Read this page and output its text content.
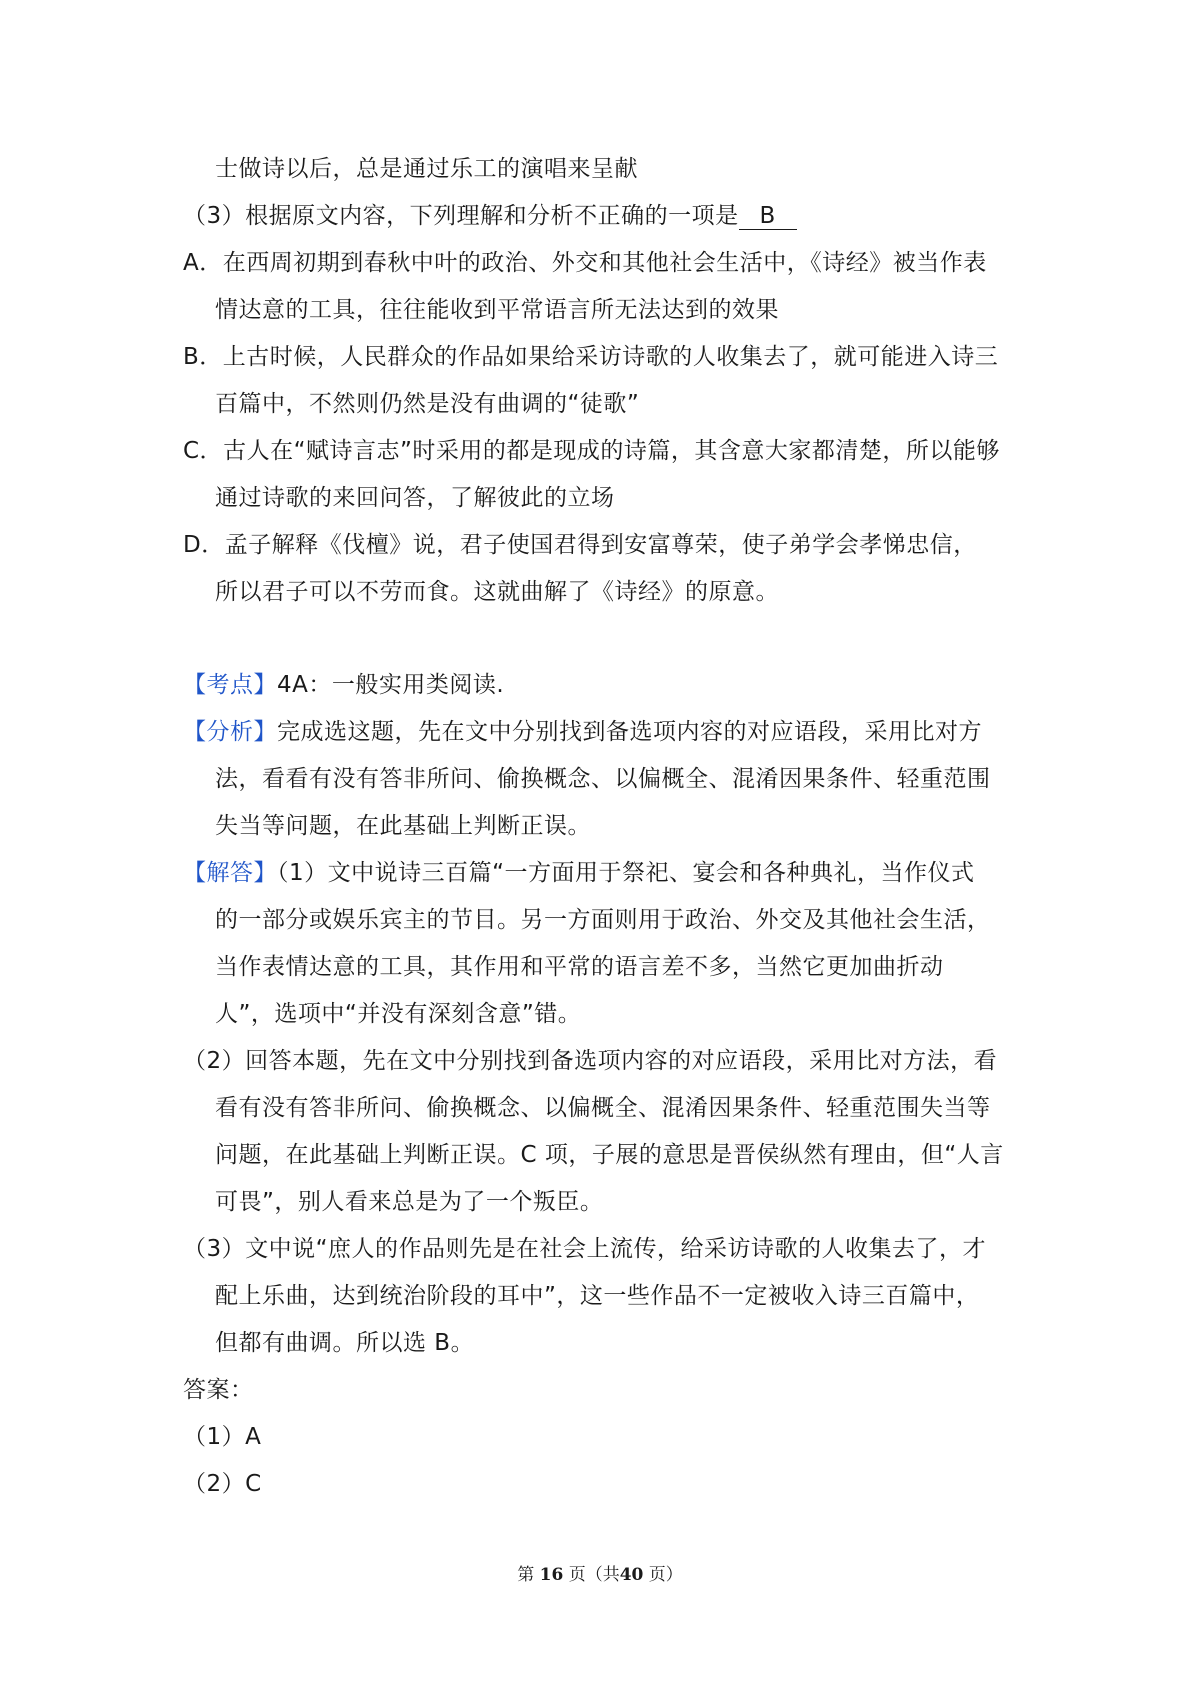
士做诗以后，总是通过乐工的演唱来呈献
（3）根据原文内容，下列理解和分析不正确的一项是 B
A．在西周初期到春秋中叶的政治、外交和其他社会生活中，《诗经》被当作表
情达意的工具，往往能收到平常语言所无法达到的效果
B．上古时候，人民群众的作品如果给采访诗歌的人收集去了，就可能进入诗三
百篇中，不然则仍然是没有曲调的“徒歌”
C．古人在“赋诗言志”时采用的都是现成的诗篇，其含意大家都清楚，所以能够
通过诗歌的来回问答，了解彼此的立场
D．孟子解释《伐檀》说，君子使国君得到安富尊荣，使子弟学会孝悌忠信，
所以君子可以不劳而食。这就曲解了《诗经》的原意。
【考点】4A：一般实用类阅读.
【分析】完成选这题，先在文中分别找到备选项内容的对应语段，采用比对方
法，看看有没有答非所问、偷换概念、以偏概全、混淆因果条件、轻重范围
失当等问题，在此基础上判断正误。
【解答】（1）文中说诗三百篇“一方面用于祭祀、宴会和各种典礼，当作仪式
的一部分或娱乐宾主的节目。另一方面则用于政治、外交及其他社会生活，
当作表情达意的工具，其作用和平常的语言差不多，当然它更加曲折动
人”，选项中“并没有深刻含意”错。
（2）回答本题，先在文中分别找到备选项内容的对应语段，采用比对方法，看
看有没有答非所问、偷换概念、以偏概全、混淆因果条件、轻重范围失当等
问题，在此基础上判断正误。C 项，子展的意思是晋侯纵然有理由，但“人言
可畏”，别人看来总是为了一个叛臣。
（3）文中说“庶人的作品则先是在社会上流传，给采访诗歌的人收集去了，才
配上乐曲，达到统治阶段的耳中”，这一些作品不一定被收入诗三百篇中，
但都有曲调。所以选 B。
答案：
（1）A
（2）C
第 16 页（共40 页）
